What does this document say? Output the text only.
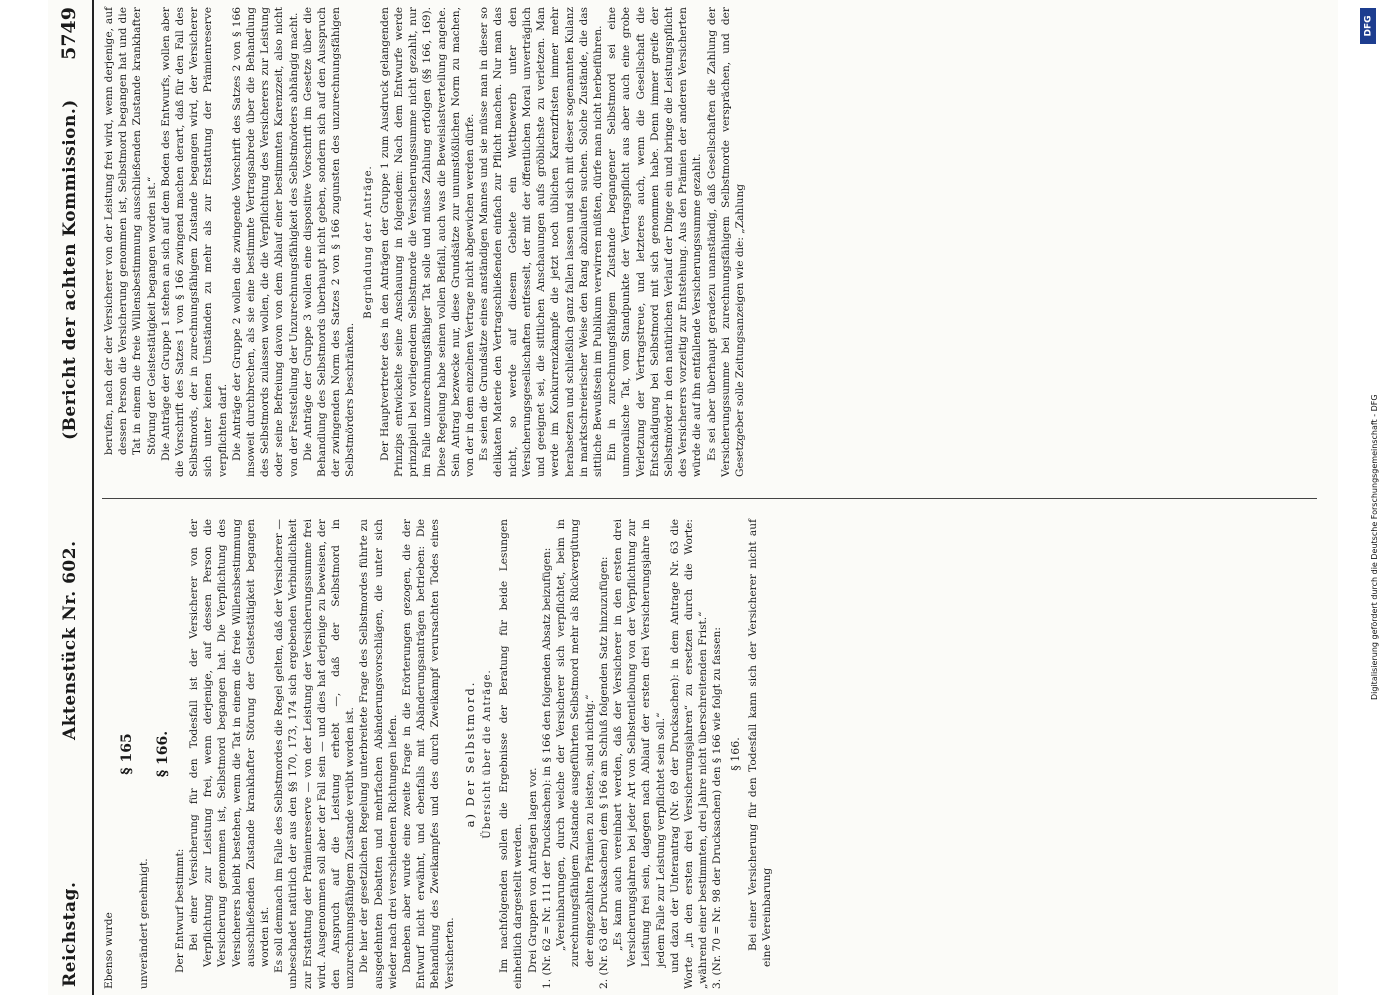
Reichstag.
Aktenstück Nr. 602.
(Bericht der achten Kommission.)
5749

Ebenso wurde

§ 165

unverändert genehmigt.

§ 166.

Der Entwurf bestimmt: Bei einer Versicherung für den Todesfall ist der Versicherer von der Verpflichtung zur Leistung frei, wenn derjenige, auf dessen Person die Versicherung genommen ist, Selbstmord begangen hat. Die Verpflichtung des Versicherers bleibt bestehen, wenn die Tat in einem die freie Willensbestimmung ausschließenden Zustande krankhafter Störung der Geistestätigkeit begangen worden ist. Es soll demnach im Falle des Selbstmordes die Regel gelten, daß der Versicherer — unbeschadet natürlich der aus den §§ 170, 173, 174 sich ergebenden Verbindlichkeit zur Erstattung der Prämienreserve — von der Leistung der Versicherungssumme frei wird. Ausgenommen soll aber der Fall sein — und dies hat derjenige zu beweisen, der den Anspruch auf die Leistung erhebt —, daß der Selbstmord in unzurechnungsfähigem Zustande verübt worden ist. Die hier der gesetzlichen Regelung unterbreitete Frage des Selbstmordes führte zu ausgedehnten Debatten und mehrfachen Abänderungsvorschlägen, die unter sich wieder nach drei verschiedenen Richtungen liefen. Daneben aber wurde eine zweite Frage in die Erörterungen gezogen, die der Entwurf nicht erwähnt, und ebenfalls mit Abänderungsanträgen betrieben: Die Behandlung des Zweikampfes und des durch Zweikampf verursachten Todes eines Versicherten.

a) Der Selbstmord. Übersicht über die Anträge. Im nachfolgenden sollen die Ergebnisse der Beratung für beide Lesungen einheitlich dargestellt werden. Drei Gruppen von Anträgen lagen vor. 1. (Nr. 62 = Nr. 111 der Drucksachen): in § 166 den folgenden Absatz beizufügen: „Vereinbarungen, durch welche der Versicherer sich verpflichtet, beim in zurechnungsfähigem Zustande ausgeführten Selbstmord mehr als Rückvergütung der eingezahlten Prämien zu leisten, sind nichtig.“ 2. (Nr. 63 der Drucksachen) dem § 166 am Schluß folgenden Satz hinzuzufügen: „Es kann auch vereinbart werden, daß der Versicherer in den ersten drei Versicherungsjahren bei jeder Art von Selbstentleibung von der Verpflichtung zur Leistung frei sein, dagegen nach Ablauf der ersten drei Versicherungsjahre in jedem Falle zur Leistung verpflichtet sein soll.“ und dazu der Unterantrag (Nr. 69 der Drucksachen): in dem Antrage Nr. 63 die Worte „in den ersten drei Versicherungsjahren“ zu ersetzen durch die Worte: „während einer bestimmten, drei Jahre nicht überschreitenden Frist.“ 3. (Nr. 70 = Nr. 98 der Drucksachen) den § 166 wie folgt zu fassen: § 166. Bei einer Versicherung für den Todesfall kann sich der Versicherer nicht auf eine Vereinbarung

berufen, nach der der Versicherer von der Leistung frei wird, wenn derjenige, auf dessen Person die Versicherung genommen ist, Selbstmord begangen hat und die Tat in einem die freie Willensbestimmung ausschließenden Zustande krankhafter Störung der Geistestätigkeit begangen worden ist.“ Die Anträge der Gruppe 1 stehen an sich auf dem Boden des Entwurfs, wollen aber die Vorschrift des Satzes 1 von § 166 zwingend machen derart, daß für den Fall des Selbstmords, der in zurechnungsfähigem Zustande begangen wird, der Versicherer sich unter keinen Umständen zu mehr als zur Erstattung der Prämienreserve verpflichten darf. Die Anträge der Gruppe 2 wollen die zwingende Vorschrift des Satzes 2 von § 166 insoweit durchbrechen, als sie eine bestimmte Vertragsabrede über die Behandlung des Selbstmords zulassen wollen, die die Verpflichtung des Versicherers zur Leistung oder seine Befreiung davon von dem Ablauf einer bestimmten Karenzzeit, also nicht von der Feststellung der Unzurechnungsfähigkeit des Selbstmörders abhängig macht. Die Anträge der Gruppe 3 wollen eine dispositive Vorschrift im Gesetze über die Behandlung des Selbstmords überhaupt nicht geben, sondern sich auf den Ausspruch der zwingenden Norm des Satzes 2 von § 166 zugunsten des unzurechnungsfähigen Selbstmörders beschränken.

Begründung der Anträge. Der Hauptvertreter des in den Anträgen der Gruppe 1 zum Ausdruck gelangenden Prinzips entwickelte seine Anschauung in folgendem: Nach dem Entwurfe werde prinzipiell bei vorliegendem Selbstmorde die Versicherungssumme nicht gezahlt, nur im Falle unzurechnungsfähiger Tat solle und müsse Zahlung erfolgen (§§ 166, 169). Diese Regelung habe seinen vollen Beifall, auch was die Beweislastverteilung angehe. Sein Antrag bezwecke nur, diese Grundsätze zur unumstößlichen Norm zu machen, von der in dem einzelnen Vertrage nicht abgewichen werden dürfe. Es seien die Grundsätze eines anständigen Mannes und sie müsse man in dieser so delikaten Materie den Vertragschließenden einfach zur Pflicht machen. Nur man das nicht, so werde auf diesem Gebiete ein Wettbewerb unter den Versicherungsgesellschaften entfesselt, der mit der öffentlichen Moral unverträglich und geeignet sei, die sittlichen Anschauungen aufs gröblichste zu verletzen. Man werde im Konkurrenzkampfe die jetzt noch üblichen Karenzfristen immer mehr herabsetzen und schließlich ganz fallen lassen und sich mit dieser sogenannten Kulanz in marktschreierischer Weise den Rang abzulaufen suchen. Solche Zustände, die das sittliche Bewußtsein im Publikum verwirren müßten, dürfe man nicht herbeiführen. Ein in zurechnungsfähigem Zustande begangener Selbstmord sei eine unmoralische Tat, vom Standpunkte der Vertragspflicht aus aber auch eine grobe Verletzung der Vertragstreue, und letzteres auch, wenn die Gesellschaft die Entschädigung bei Selbstmord mit sich genommen habe. Denn immer greife der Selbstmörder in den natürlichen Verlauf der Dinge ein und bringe die Leistungspflicht des Versicherers vorzeitig zur Entstehung. Aus den Prämien der anderen Versicherten würde die auf ihn entfallende Versicherungssumme gezahlt. Es sei aber überhaupt geradezu unanständig, daß Gesellschaften die Zahlung der Versicherungssumme bei zurechnungsfähigem Selbstmorde versprächen, und der Gesetzgeber solle Zeitungsanzeigen wie die: „Zahlung

DFG
Digitalisierung gefördert durch die Deutsche Forschungsgemeinschaft - DFG
